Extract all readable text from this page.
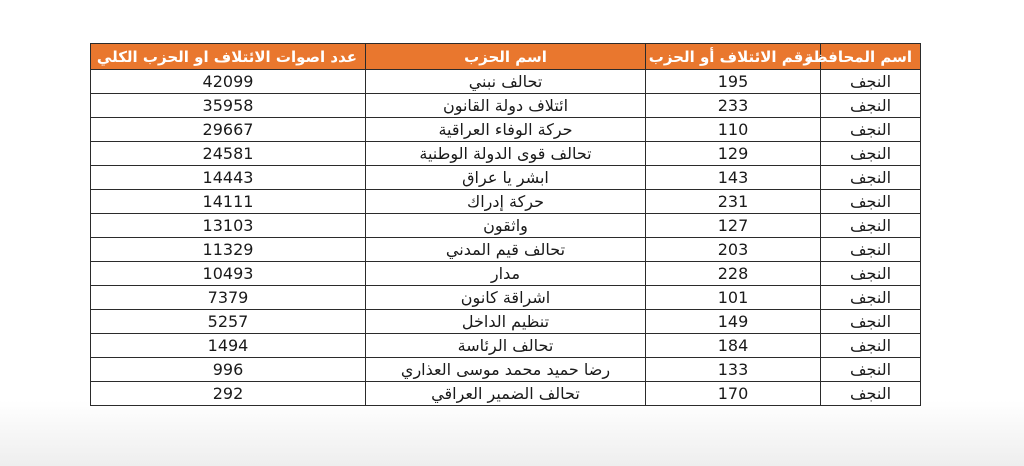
اسم المحافظة	رقم الائتلاف أو الحزب	اسم الحزب	عدد اصوات الائتلاف او الحزب الكلي
النجف	195	تحالف نبني	42099
النجف	233	ائتلاف دولة القانون	35958
النجف	110	حركة الوفاء العراقية	29667
النجف	129	تحالف قوى الدولة الوطنية	24581
النجف	143	ابشر يا عراق	14443
النجف	231	حركة إدراك	14111
النجف	127	واثقون	13103
النجف	203	تحالف قيم المدني	11329
النجف	228	مدار	10493
النجف	101	اشراقة كانون	7379
النجف	149	تنظيم الداخل	5257
النجف	184	تحالف الرئاسة	1494
النجف	133	رضا حميد محمد موسى العذاري	996
النجف	170	تحالف الضمير العراقي	292
